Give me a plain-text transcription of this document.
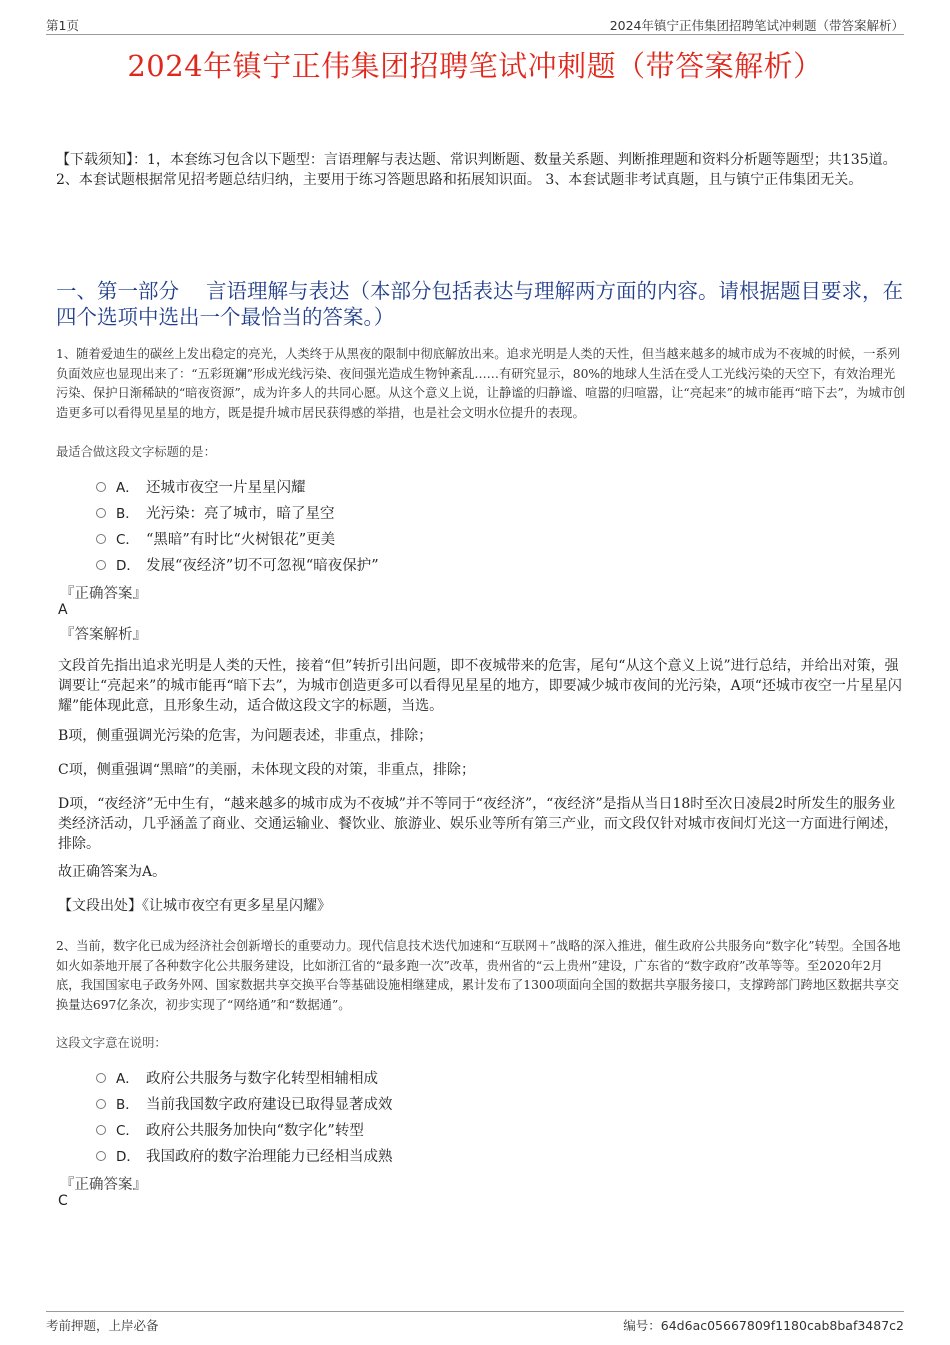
第1页	2024年镇宁正伟集团招聘笔试冲刺题（带答案解析）
2024年镇宁正伟集团招聘笔试冲刺题（带答案解析）
【下载须知】：1，本套练习包含以下题型：言语理解与表达题、常识判断题、数量关系题、判断推理题和资料分析题等题型；共135道。 2、本套试题根据常见招考题总结归纳，主要用于练习答题思路和拓展知识面。 3、本套试题非考试真题，且与镇宁正伟集团无关。
一、第一部分　 言语理解与表达（本部分包括表达与理解两方面的内容。请根据题目要求，在四个选项中选出一个最恰当的答案。）
1、随着爱迪生的碳丝上发出稳定的亮光，人类终于从黑夜的限制中彻底解放出来。追求光明是人类的天性，但当越来越多的城市成为不夜城的时候，一系列负面效应也显现出来了：“五彩斑斓”形成光线污染、夜间强光造成生物钟紊乱……有研究显示，80%的地球人生活在受人工光线污染的天空下，有效治理光污染、保护日渐稀缺的“暗夜资源”，成为许多人的共同心愿。从这个意义上说，让静谧的归静谧、喧嚣的归喧嚣，让“亮起来”的城市能再“暗下去”，为城市创造更多可以看得见星星的地方，既是提升城市居民获得感的举措，也是社会文明水位提升的表现。
最适合做这段文字标题的是：
A． 还城市夜空一片星星闪耀
B． 光污染：亮了城市，暗了星空
C． “黑暗”有时比“火树银花”更美
D． 发展“夜经济”切不可忽视“暗夜保护”
『正确答案』
A
『答案解析』
文段首先指出追求光明是人类的天性，接着“但”转折引出问题，即不夜城带来的危害，尾句“从这个意义上说”进行总结，并给出对策，强调要让“亮起来”的城市能再“暗下去”，为城市创造更多可以看得见星星的地方，即要减少城市夜间的光污染，A项“还城市夜空一片星星闪耀”能体现此意，且形象生动，适合做这段文字的标题，当选。
B项，侧重强调光污染的危害，为问题表述，非重点，排除；
C项，侧重强调“黑暗”的美丽，未体现文段的对策，非重点，排除；
D项，“夜经济”无中生有，“越来越多的城市成为不夜城”并不等同于“夜经济”，“夜经济”是指从当日18时至次日凌晨2时所发生的服务业类经济活动，几乎涵盖了商业、交通运输业、餐饮业、旅游业、娱乐业等所有第三产业，而文段仅针对城市夜间灯光这一方面进行阐述，排除。
故正确答案为A。
【文段出处】《让城市夜空有更多星星闪耀》
2、当前，数字化已成为经济社会创新增长的重要动力。现代信息技术迭代加速和“互联网＋”战略的深入推进，催生政府公共服务向“数字化”转型。全国各地如火如荼地开展了各种数字化公共服务建设，比如浙江省的“最多跑一次”改革，贵州省的“云上贵州”建设，广东省的“数字政府”改革等等。至2020年2月底，我国国家电子政务外网、国家数据共享交换平台等基础设施相继建成，累计发布了1300项面向全国的数据共享服务接口，支撑跨部门跨地区数据共享交换量达697亿条次，初步实现了“网络通”和“数据通”。
这段文字意在说明：
A． 政府公共服务与数字化转型相辅相成
B． 当前我国数字政府建设已取得显著成效
C． 政府公共服务加快向“数字化”转型
D． 我国政府的数字治理能力已经相当成熟
『正确答案』
C
考前押题，上岸必备	编号：64d6ac05667809f1180cab8baf3487c2
